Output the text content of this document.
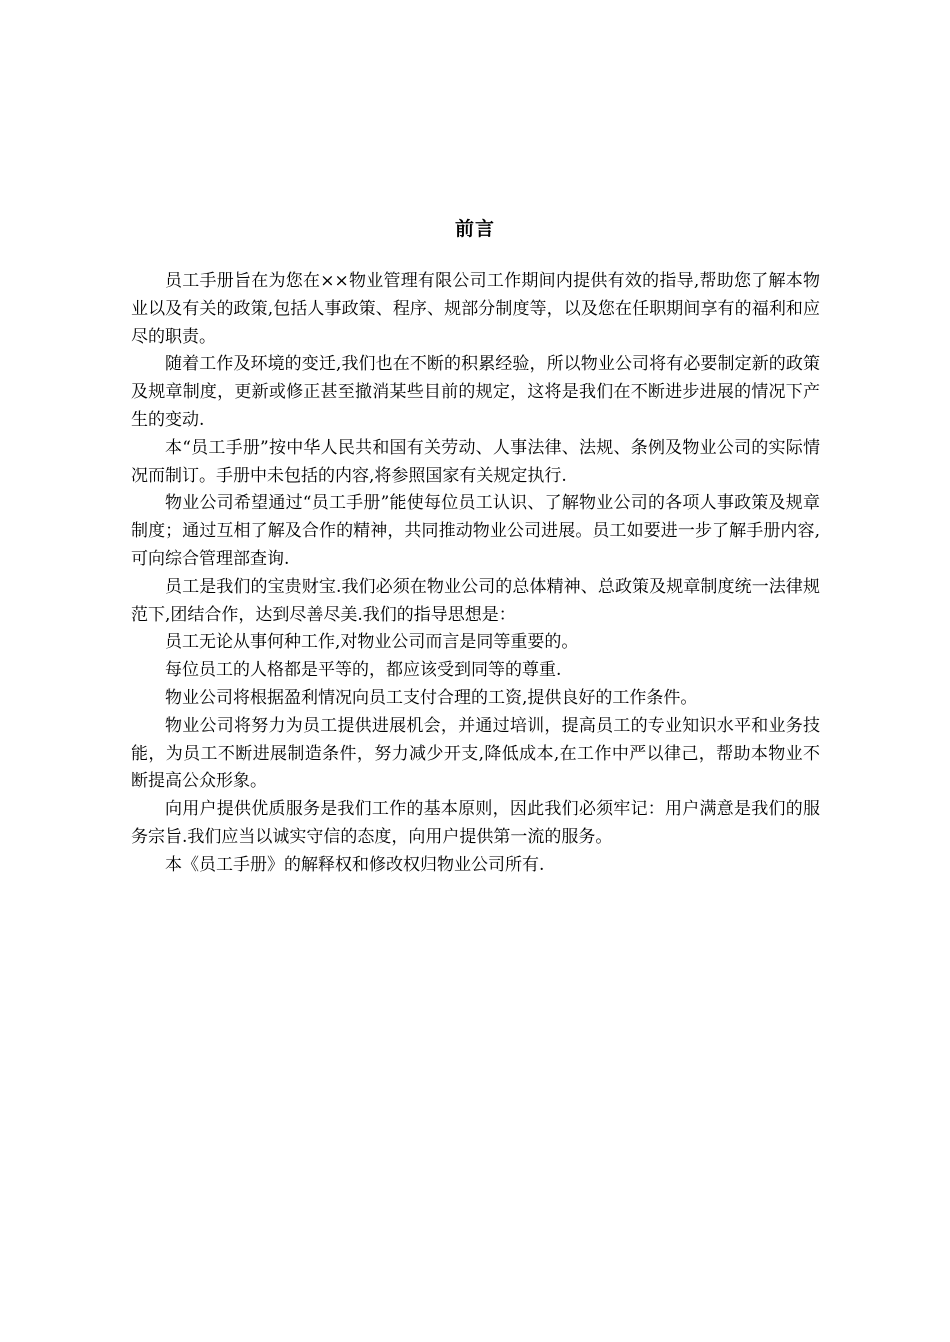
前言

员工手册旨在为您在××物业管理有限公司工作期间内提供有效的指导,帮助您了解本物业以及有关的政策,包括人事政策、程序、规部分制度等，以及您在任职期间享有的福利和应尽的职责。

随着工作及环境的变迁,我们也在不断的积累经验，所以物业公司将有必要制定新的政策及规章制度，更新或修正甚至撤消某些目前的规定，这将是我们在不断进步进展的情况下产生的变动.

本“员工手册”按中华人民共和国有关劳动、人事法律、法规、条例及物业公司的实际情况而制订。手册中未包括的内容,将参照国家有关规定执行.

物业公司希望通过“员工手册”能使每位员工认识、了解物业公司的各项人事政策及规章制度；通过互相了解及合作的精神，共同推动物业公司进展。员工如要进一步了解手册内容,可向综合管理部查询.

员工是我们的宝贵财宝.我们必须在物业公司的总体精神、总政策及规章制度统一法律规范下,团结合作，达到尽善尽美.我们的指导思想是：

员工无论从事何种工作,对物业公司而言是同等重要的。

每位员工的人格都是平等的，都应该受到同等的尊重.

物业公司将根据盈利情况向员工支付合理的工资,提供良好的工作条件。

物业公司将努力为员工提供进展机会，并通过培训，提高员工的专业知识水平和业务技能，为员工不断进展制造条件，努力减少开支,降低成本,在工作中严以律己，帮助本物业不断提高公众形象。

向用户提供优质服务是我们工作的基本原则，因此我们必须牢记：用户满意是我们的服务宗旨.我们应当以诚实守信的态度，向用户提供第一流的服务。

本《员工手册》的解释权和修改权归物业公司所有.
